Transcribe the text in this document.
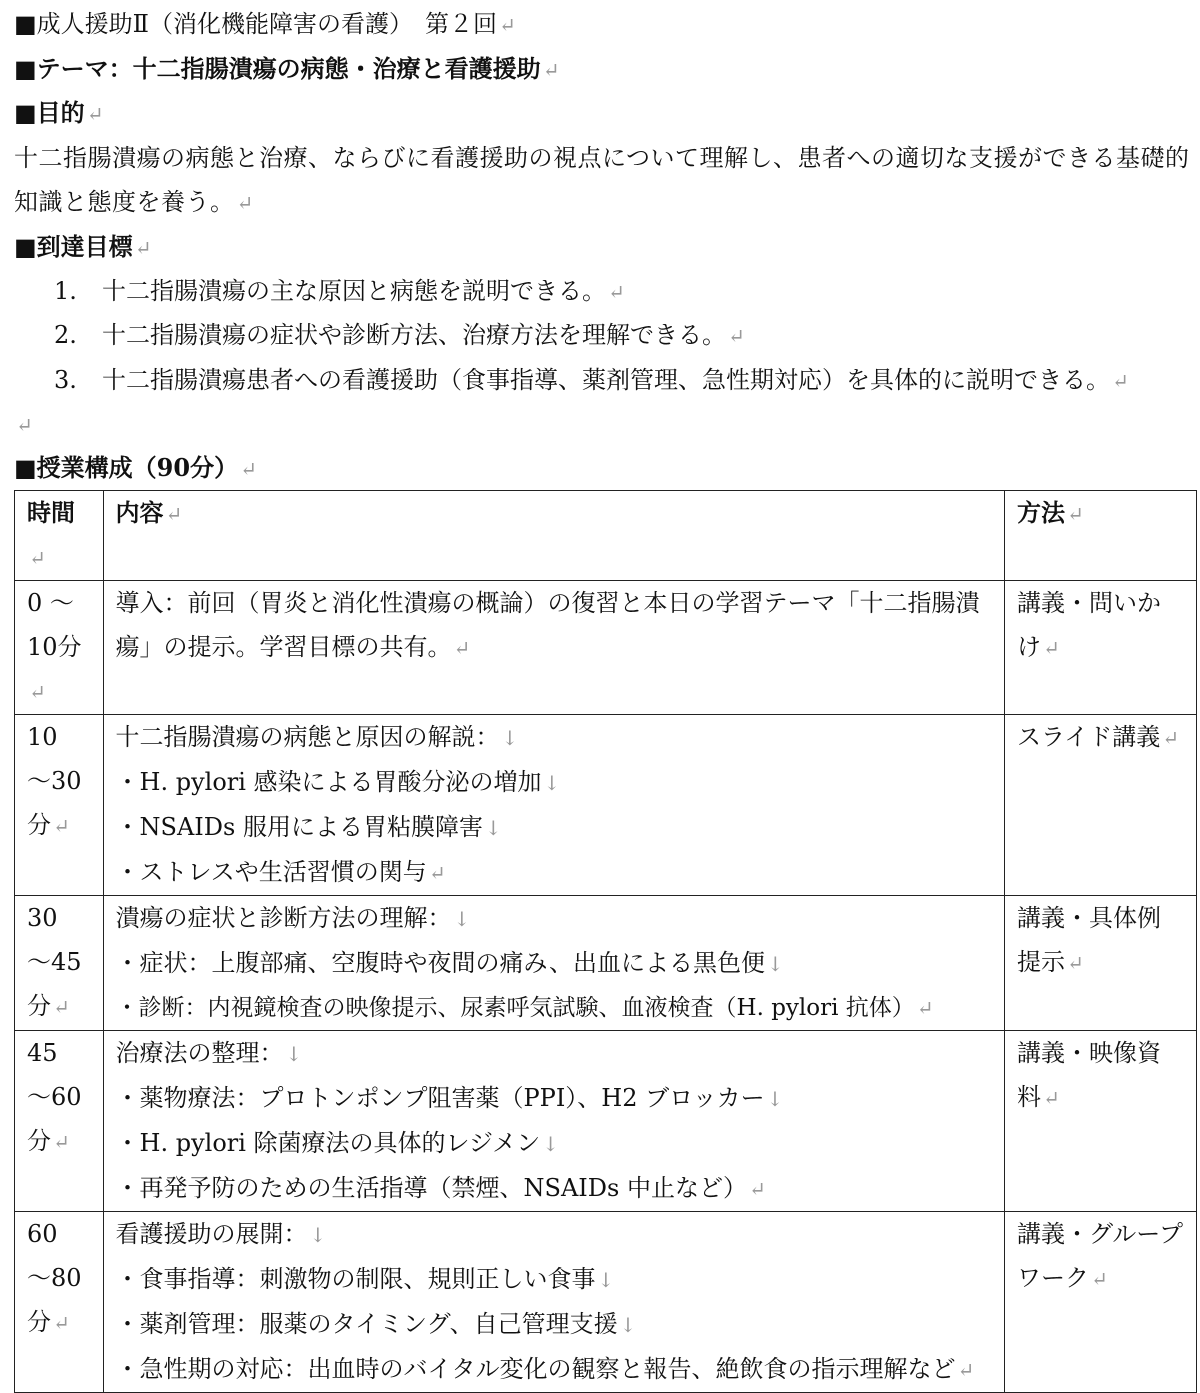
■成人援助Ⅱ（消化機能障害の看護）　第２回 ↵
■テーマ：十二指腸潰瘍の病態・治療と看護援助 ↵
■目的 ↵
十二指腸潰瘍の病態と治療、ならびに看護援助の視点について理解し、患者への適切な支援ができる基礎的知識と態度を養う。 ↵
■到達目標 ↵
1. 十二指腸潰瘍の主な原因と病態を説明できる。 ↵
2. 十二指腸潰瘍の症状や診断方法、治療方法を理解できる。 ↵
3. 十二指腸潰瘍患者への看護援助（食事指導、薬剤管理、急性期対応）を具体的に説明できる。 ↵
↵
■授業構成（90分） ↵
時間↵	内容 ↵	方法 ↵
0 ～ 10分↵	導入：前回（胃炎と消化性潰瘍の概論）の復習と本日の学習テーマ「十二指腸潰瘍」の提示。学習目標の共有。 ↵	講義・問いかけ ↵
10　～30分 ↵	十二指腸潰瘍の病態と原因の解説： ↓
・H. pylori 感染による胃酸分泌の増加 ↓
・NSAIDs 服用による胃粘膜障害 ↓
・ストレスや生活習慣の関与 ↵	スライド講義 ↵
30　～45分 ↵	潰瘍の症状と診断方法の理解： ↓
・症状：上腹部痛、空腹時や夜間の痛み、出血による黒色便 ↓
・診断：内視鏡検査の映像提示、尿素呼気試験、血液検査（H. pylori 抗体） ↵	講義・具体例提示 ↵
45　～60分 ↵	治療法の整理： ↓
・薬物療法：プロトンポンプ阻害薬（PPI）、H2 ブロッカー ↓
・H. pylori 除菌療法の具体的レジメン ↓
・再発予防のための生活指導（禁煙、NSAIDs 中止など） ↵	講義・映像資料 ↵
60　～80分 ↵	看護援助の展開： ↓
・食事指導：刺激物の制限、規則正しい食事 ↓
・薬剤管理：服薬のタイミング、自己管理支援 ↓
・急性期の対応：出血時のバイタル変化の観察と報告、絶飲食の指示理解など ↵	講義・グループワーク ↵
